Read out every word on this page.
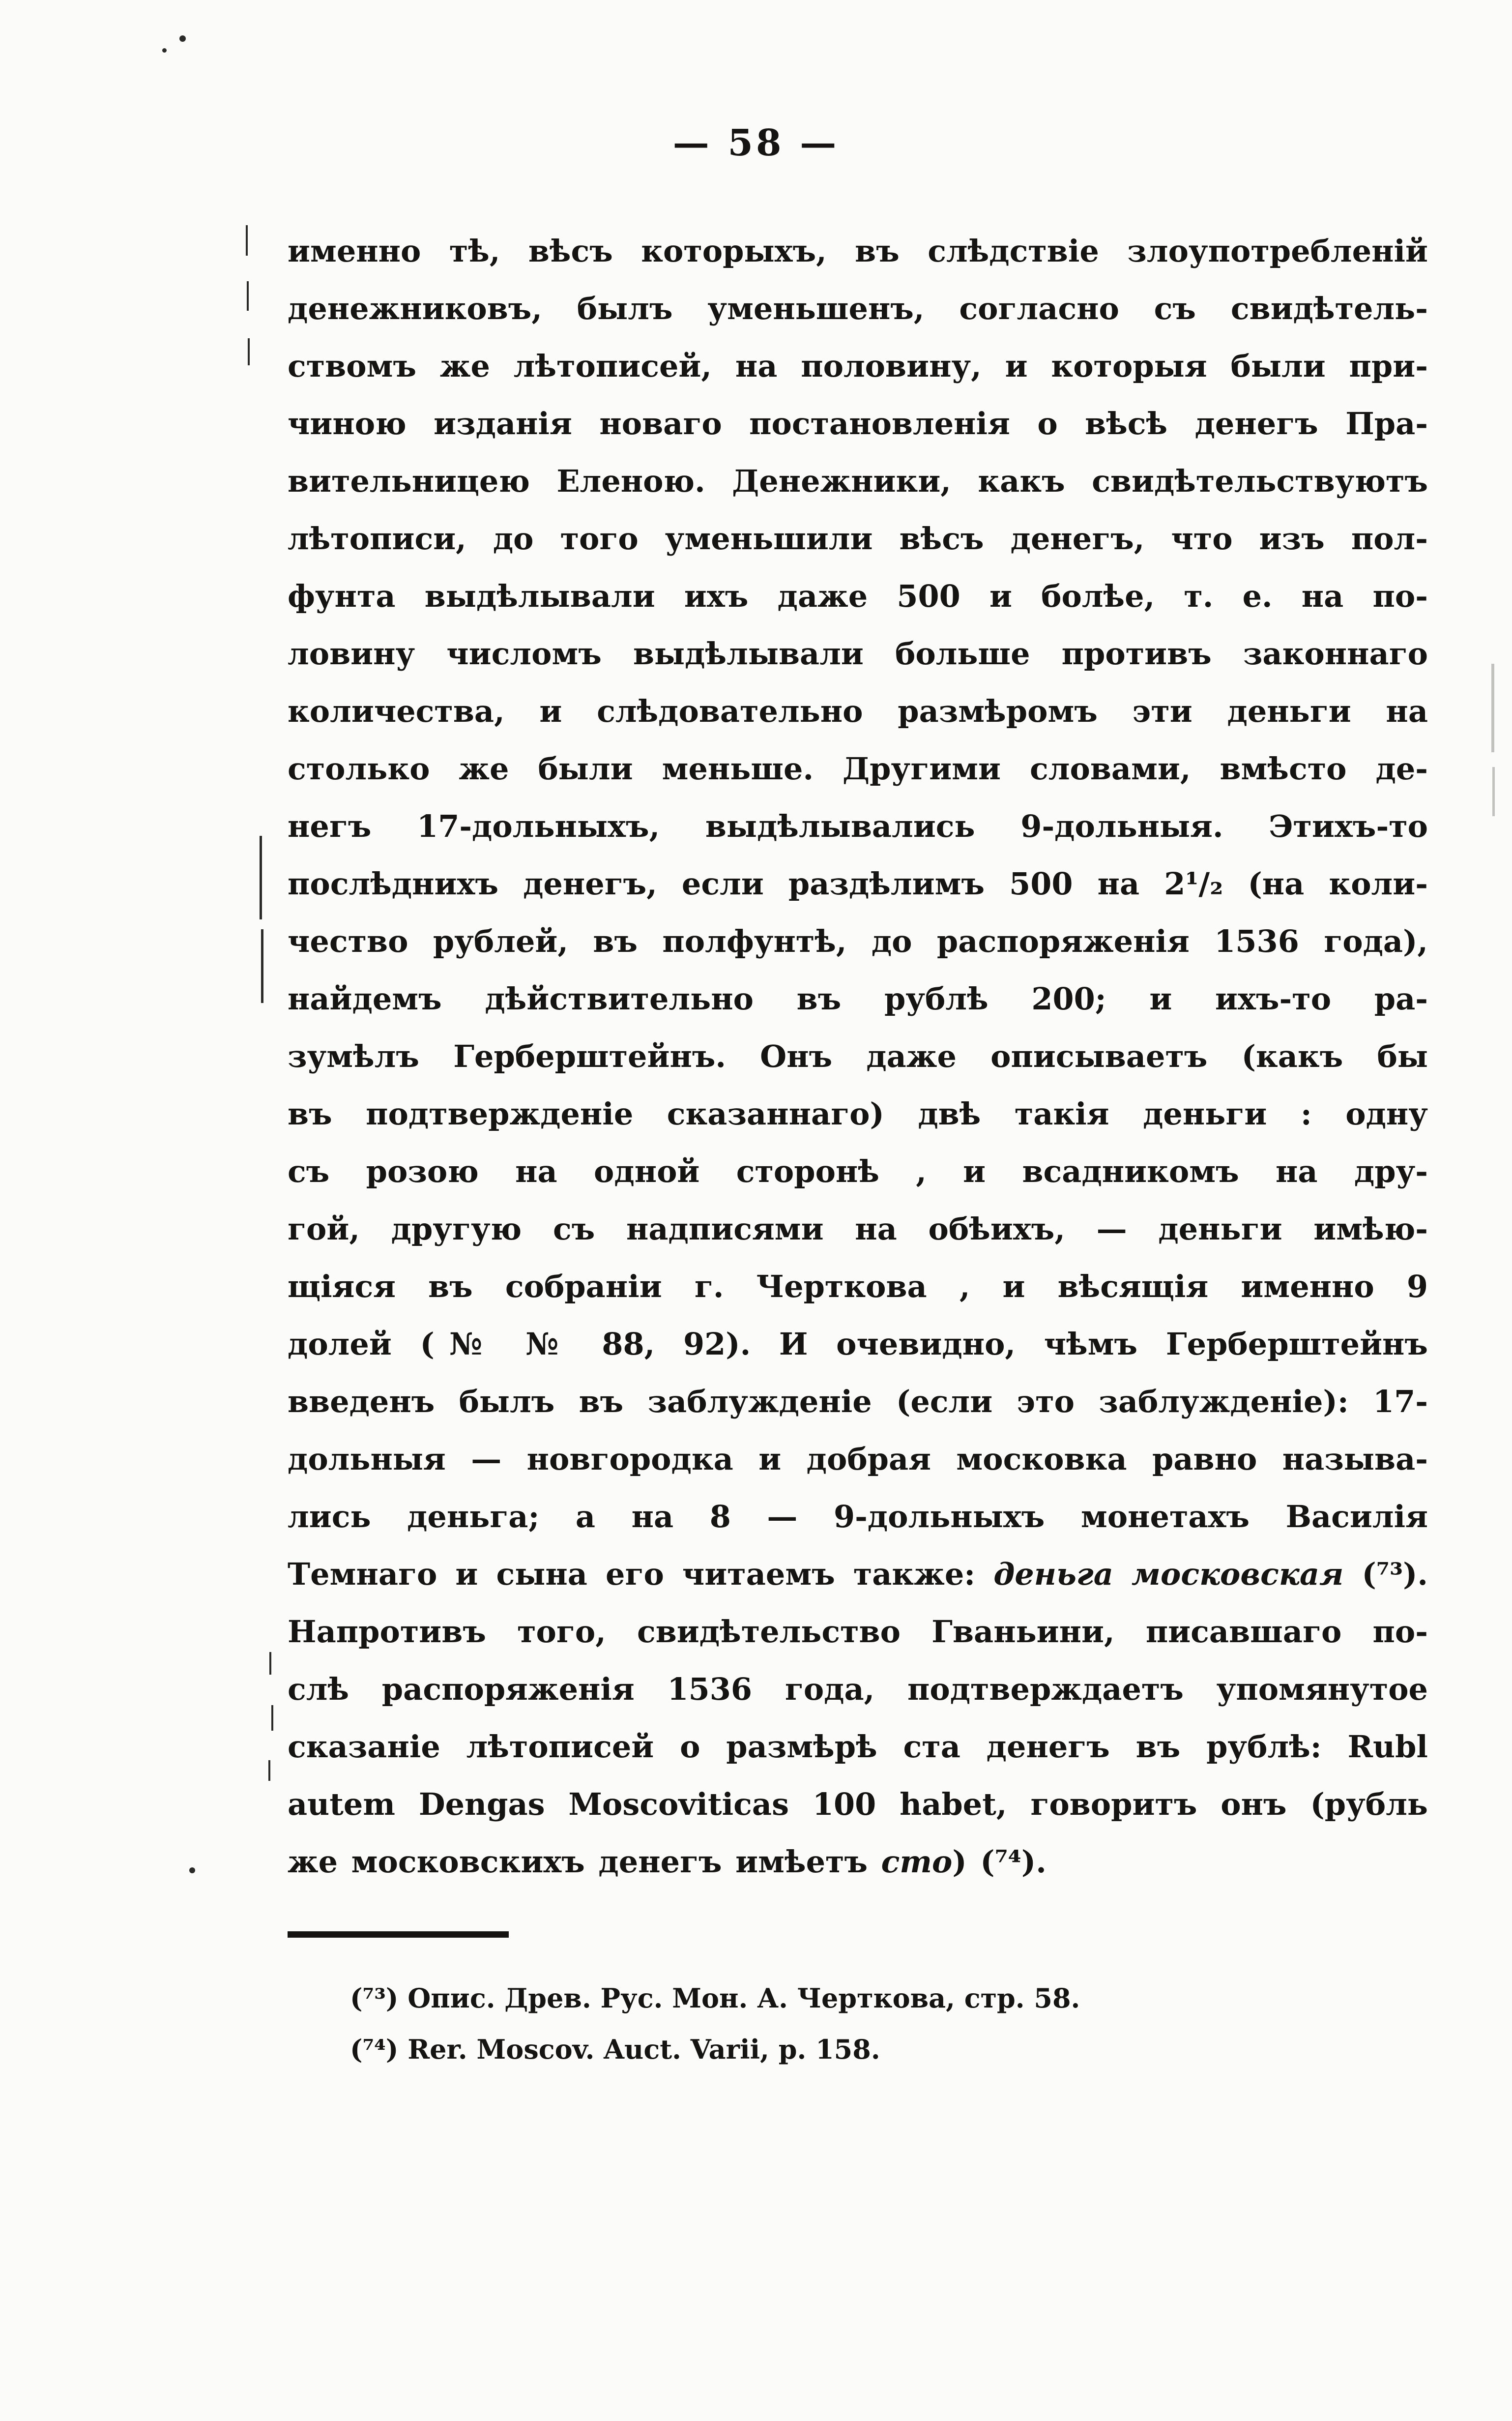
— 58 —
именно тѣ, вѣсъ которыхъ, въ слѣдствіе злоупотребленій
денежниковъ, былъ уменьшенъ, согласно съ свидѣтель-
ствомъ же лѣтописей, на половину, и которыя были при-
чиною изданія новаго постановленія о вѣсѣ денегъ Пра-
вительницею Еленою. Денежники, какъ свидѣтельствуютъ
лѣтописи, до того уменьшили вѣсъ денегъ, что изъ пол-
фунта выдѣлывали ихъ даже 500 и болѣе, т. е. на по-
ловину числомъ выдѣлывали больше противъ законнаго
количества, и слѣдовательно размѣромъ эти деньги на
столько же были меньше. Другими словами, вмѣсто де-
негъ 17-дольныхъ, выдѣлывались 9-дольныя. Этихъ-то
послѣднихъ денегъ, если раздѣлимъ 500 на 2¹/₂ (на коли-
чество рублей, въ полфунтѣ, до распоряженія 1536 года),
найдемъ дѣйствительно въ рублѣ 200; и ихъ-то ра-
зумѣлъ Герберштейнъ. Онъ даже описываетъ (какъ бы
въ подтвержденіе сказаннаго) двѣ такія деньги : одну
съ розою на одной сторонѣ , и всадникомъ на дру-
гой, другую съ надписями на обѣихъ, — деньги имѣю-
щіяся въ собраніи г. Черткова , и вѣсящія именно 9
долей (№ № 88, 92). И очевидно, чѣмъ Герберштейнъ
введенъ былъ въ заблужденіе (если это заблужденіе): 17-
дольныя — новгородка и добрая московка равно называ-
лись деньга; а на 8 — 9-дольныхъ монетахъ Василія
Темнаго и сына его читаемъ также: деньга московская (⁷³).
Напротивъ того, свидѣтельство Гваньини, писавшаго по-
слѣ распоряженія 1536 года, подтверждаетъ упомянутое
сказаніе лѣтописей о размѣрѣ ста денегъ въ рублѣ: Rubl
autem Dengas Moscoviticas 100 habet, говоритъ онъ (рубль
же московскихъ денегъ имѣетъ сто) (⁷⁴).
(⁷³) Опис. Древ. Рус. Мон. А. Черткова, стр. 58.
(⁷⁴) Rer. Moscov. Auct. Varii, p. 158.
